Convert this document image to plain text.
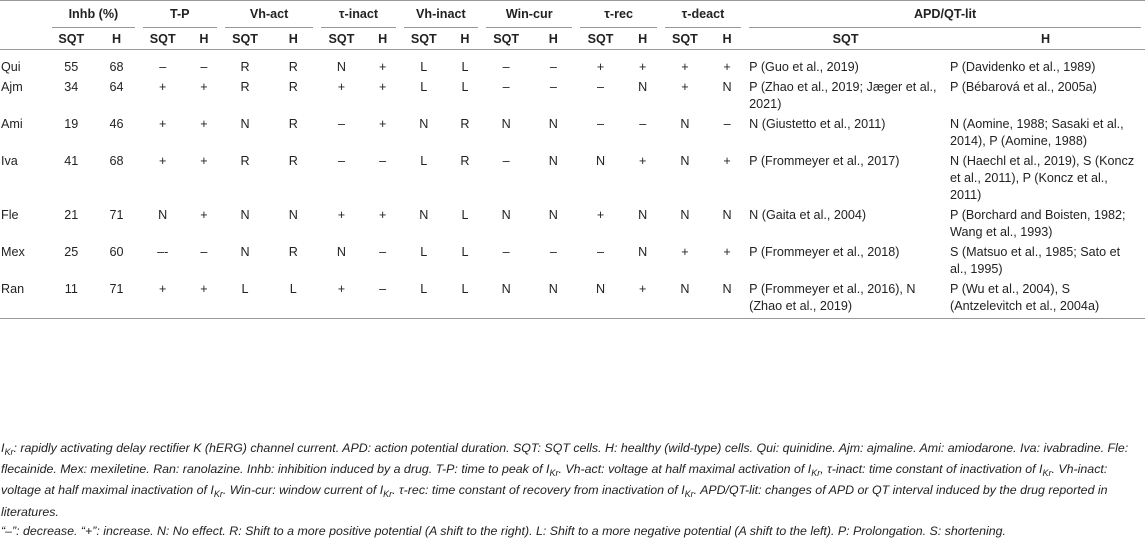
	Inhb (%)		T-P		Vh-act		τ-inact		Vh-inact		Win-cur		τ-rec		τ-deact		APD/QT-lit	

	SQT	H	SQT	H	SQT	H	SQT	H	SQT	H	SQT	H	SQT	H	SQT	H	SQT	H
Qui	55	68	–	–	R	R	N	+	L	L	–	–	+	+	+	+	P (Guo et al., 2019)	P (Davidenko et al., 1989)
Ajm	34	64	+	+	R	R	+	+	L	L	–	–	–	N	+	N	P (Zhao et al., 2019; Jæger et al., 2021)	P (Bébarová et al., 2005a)
Ami	19	46	+	+	N	R	–	+	N	R	N	N	–	–	N	–	N (Giustetto et al., 2011)	N (Aomine, 1988; Sasaki et al., 2014), P (Aomine, 1988)
Iva	41	68	+	+	R	R	–	–	L	R	–	N	N	+	N	+	P (Frommeyer et al., 2017)	N (Haechl et al., 2019), S (Koncz et al., 2011), P (Koncz et al., 2011)
Fle	21	71	N	+	N	N	+	+	N	L	N	N	+	N	N	N	N (Gaita et al., 2004)	P (Borchard and Boisten, 1982; Wang et al., 1993)
Mex	25	60	–-	–	N	R	N	–	L	L	–	–	–	N	+	+	P (Frommeyer et al., 2018)	S (Matsuo et al., 1985; Sato et al., 1995)
Ran	11	71	+	+	L	L	+	–	L	L	N	N	N	+	N	N	P (Frommeyer et al., 2016), N (Zhao et al., 2019)	P (Wu et al., 2004), S (Antzelevitch et al., 2004a)

$I_{Kr}$: rapidly activating delay rectifier K (hERG) channel current. APD: action potential duration. SQT: SQT cells. H: healthy (wild-type) cells. Qui: quinidine. Ajm: ajmaline. Ami: amiodarone. Iva: ivabradine. Fle: flecainide. Mex: mexiletine. Ran: ranolazine. Inhb: inhibition induced by a drug. T-P: time to peak of $I_{Kr}$. Vh-act: voltage at half maximal activation of $I_{Kr}$, τ-inact: time constant of inactivation of $I_{Kr}$. Vh-inact: voltage at half maximal inactivation of $I_{Kr}$. Win-cur: window current of $I_{Kr}$. τ-rec: time constant of recovery from inactivation of $I_{Kr}$. APD/QT-lit: changes of APD or QT interval induced by the drug reported in literatures.

“–”: decrease. “+”: increase. N: No effect. R: Shift to a more positive potential (A shift to the right). L: Shift to a more negative potential (A shift to the left). P: Prolongation. S: shortening.
